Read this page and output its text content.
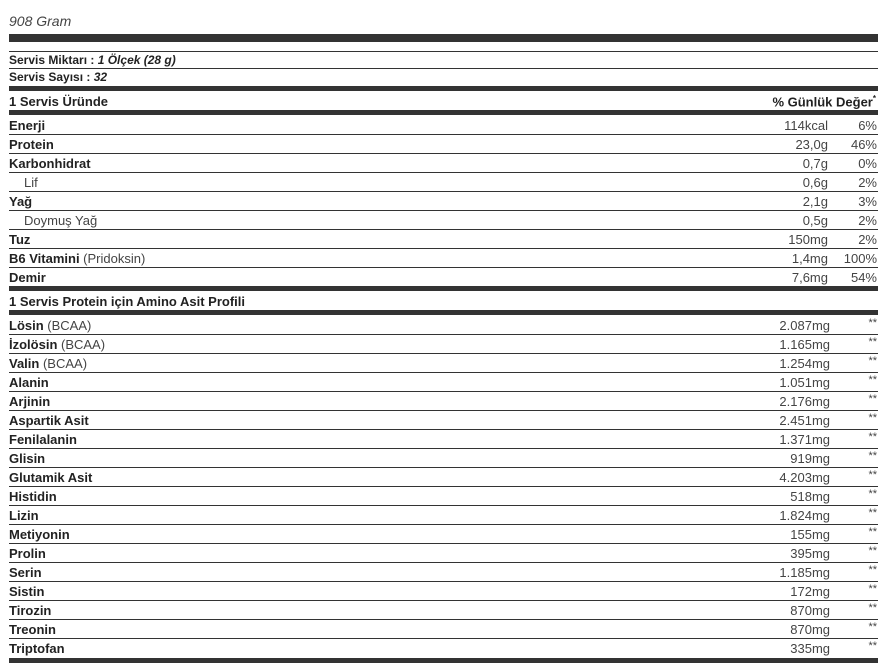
908 Gram
Servis Miktarı : 1 Ölçek (28 g)
Servis Sayısı : 32
1 Servis Üründe	% Günlük Değer*
Enerji	114kcal 6%
Protein	23,0g 46%
Karbonhidrat	0,7g 0%
Lif	0,6g 2%
Yağ	2,1g 3%
Doymuş Yağ	0,5g 2%
Tuz	150mg 2%
B6 Vitamini (Pridoksin)	1,4mg 100%
Demir	7,6mg 54%
1 Servis Protein için Amino Asit Profili
Lösin (BCAA)	2.087mg	**
İzolösin (BCAA)	1.165mg	**
Valin (BCAA)	1.254mg	**
Alanin	1.051mg	**
Arjinin	2.176mg	**
Aspartik Asit	2.451mg	**
Fenilalanin	1.371mg	**
Glisin	919mg	**
Glutamik Asit	4.203mg	**
Histidin	518mg	**
Lizin	1.824mg	**
Metiyonin	155mg	**
Prolin	395mg	**
Serin	1.185mg	**
Sistin	172mg	**
Tirozin	870mg	**
Treonin	870mg	**
Triptofan	335mg	**
